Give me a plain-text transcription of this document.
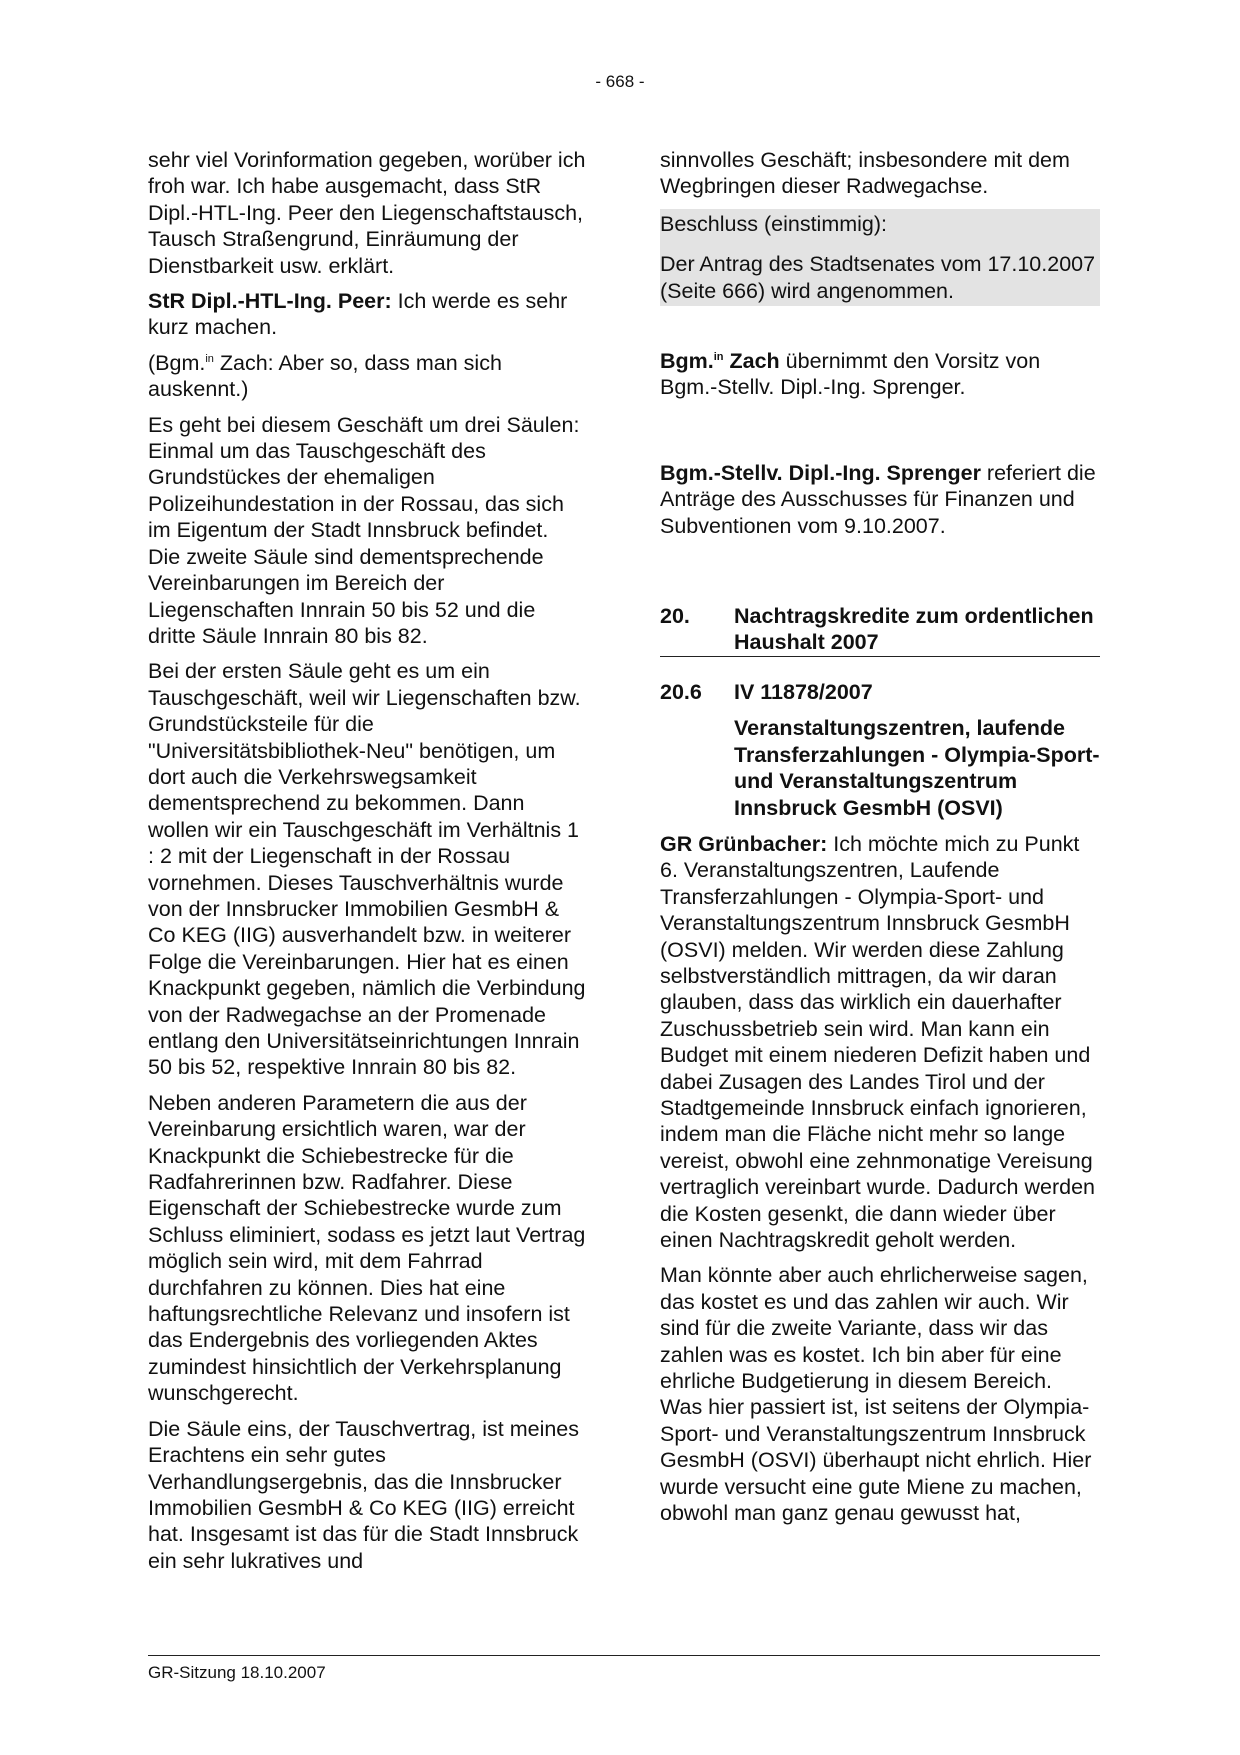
- 668 -

sehr viel Vorinformation gegeben, worüber ich froh war. Ich habe ausgemacht, dass StR Dipl.-HTL-Ing. Peer den Liegenschaftstausch, Tausch Straßengrund, Einräumung der Dienstbarkeit usw. erklärt.

StR Dipl.-HTL-Ing. Peer: Ich werde es sehr kurz machen.

(Bgm.$^{in}$ Zach: Aber so, dass man sich auskennt.)

Es geht bei diesem Geschäft um drei Säulen: Einmal um das Tauschgeschäft des Grundstückes der ehemaligen Polizeihundestation in der Rossau, das sich im Eigentum der Stadt Innsbruck befindet. Die zweite Säule sind dementsprechende Vereinbarungen im Bereich der Liegenschaften Innrain 50 bis 52 und die dritte Säule Innrain 80 bis 82.

Bei der ersten Säule geht es um ein Tauschgeschäft, weil wir Liegenschaften bzw. Grundstücksteile für die "Universitätsbibliothek-Neu" benötigen, um dort auch die Verkehrswegsamkeit dementsprechend zu bekommen. Dann wollen wir ein Tauschgeschäft im Verhältnis 1 : 2 mit der Liegenschaft in der Rossau vornehmen. Dieses Tauschverhältnis wurde von der Innsbrucker Immobilien GesmbH & Co KEG (IIG) ausverhandelt bzw. in weiterer Folge die Vereinbarungen. Hier hat es einen Knackpunkt gegeben, nämlich die Verbindung von der Radwegachse an der Promenade entlang den Universitätseinrichtungen Innrain 50 bis 52, respektive Innrain 80 bis 82.

Neben anderen Parametern die aus der Vereinbarung ersichtlich waren, war der Knackpunkt die Schiebestrecke für die Radfahrerinnen bzw. Radfahrer. Diese Eigenschaft der Schiebestrecke wurde zum Schluss eliminiert, sodass es jetzt laut Vertrag möglich sein wird, mit dem Fahrrad durchfahren zu können. Dies hat eine haftungsrechtliche Relevanz und insofern ist das Endergebnis des vorliegenden Aktes zumindest hinsichtlich der Verkehrsplanung wunschgerecht.

Die Säule eins, der Tauschvertrag, ist meines Erachtens ein sehr gutes Verhandlungsergebnis, das die Innsbrucker Immobilien GesmbH & Co KEG (IIG) erreicht hat. Insgesamt ist das für die Stadt Innsbruck ein sehr lukratives und

sinnvolles Geschäft; insbesondere mit dem Wegbringen dieser Radwegachse.

Beschluss (einstimmig):

Der Antrag des Stadtsenates vom 17.10.2007 (Seite 666) wird angenommen.

Bgm.$^{in}$ Zach übernimmt den Vorsitz von Bgm.-Stellv. Dipl.-Ing. Sprenger.

Bgm.-Stellv. Dipl.-Ing. Sprenger referiert die Anträge des Ausschusses für Finanzen und Subventionen vom 9.10.2007.

20.	Nachtragskredite zum ordentlichen Haushalt 2007
20.6	IV 11878/2007
Veranstaltungszentren, laufende Transferzahlungen - Olympia-Sport- und Veranstaltungszentrum Innsbruck GesmbH (OSVI)

GR Grünbacher: Ich möchte mich zu Punkt 6. Veranstaltungszentren, Laufende Transferzahlungen - Olympia-Sport- und Veranstaltungszentrum Innsbruck GesmbH (OSVI) melden. Wir werden diese Zahlung selbstverständlich mittragen, da wir daran glauben, dass das wirklich ein dauerhafter Zuschussbetrieb sein wird. Man kann ein Budget mit einem niederen Defizit haben und dabei Zusagen des Landes Tirol und der Stadtgemeinde Innsbruck einfach ignorieren, indem man die Fläche nicht mehr so lange vereist, obwohl eine zehnmonatige Vereisung vertraglich vereinbart wurde. Dadurch werden die Kosten gesenkt, die dann wieder über einen Nachtragskredit geholt werden.

Man könnte aber auch ehrlicherweise sagen, das kostet es und das zahlen wir auch. Wir sind für die zweite Variante, dass wir das zahlen was es kostet. Ich bin aber für eine ehrliche Budgetierung in diesem Bereich. Was hier passiert ist, ist seitens der Olympia-Sport- und Veranstaltungszentrum Innsbruck GesmbH (OSVI) überhaupt nicht ehrlich. Hier wurde versucht eine gute Miene zu machen, obwohl man ganz genau gewusst hat,

GR-Sitzung 18.10.2007
